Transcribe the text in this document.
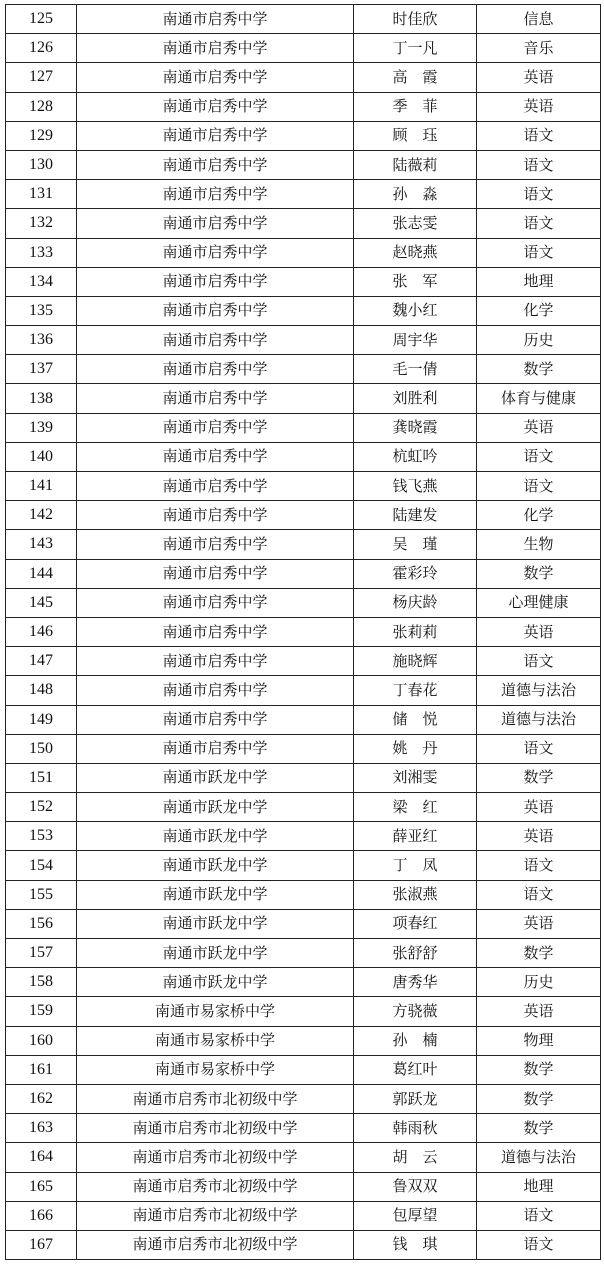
125	南通市启秀中学	时佳欣	信息
126	南通市启秀中学	丁一凡	音乐
127	南通市启秀中学	高　霞	英语
128	南通市启秀中学	季　菲	英语
129	南通市启秀中学	顾　珏	语文
130	南通市启秀中学	陆薇莉	语文
131	南通市启秀中学	孙　淼	语文
132	南通市启秀中学	张志雯	语文
133	南通市启秀中学	赵晓燕	语文
134	南通市启秀中学	张　军	地理
135	南通市启秀中学	魏小红	化学
136	南通市启秀中学	周宇华	历史
137	南通市启秀中学	毛一倩	数学
138	南通市启秀中学	刘胜利	体育与健康
139	南通市启秀中学	龚晓霞	英语
140	南通市启秀中学	杭虹吟	语文
141	南通市启秀中学	钱飞燕	语文
142	南通市启秀中学	陆建发	化学
143	南通市启秀中学	吴　瑾	生物
144	南通市启秀中学	霍彩玲	数学
145	南通市启秀中学	杨庆龄	心理健康
146	南通市启秀中学	张莉莉	英语
147	南通市启秀中学	施晓辉	语文
148	南通市启秀中学	丁春花	道德与法治
149	南通市启秀中学	储　悦	道德与法治
150	南通市启秀中学	姚　丹	语文
151	南通市跃龙中学	刘湘雯	数学
152	南通市跃龙中学	梁　红	英语
153	南通市跃龙中学	薛亚红	英语
154	南通市跃龙中学	丁　凤	语文
155	南通市跃龙中学	张淑燕	语文
156	南通市跃龙中学	项春红	英语
157	南通市跃龙中学	张舒舒	数学
158	南通市跃龙中学	唐秀华	历史
159	南通市易家桥中学	方骁薇	英语
160	南通市易家桥中学	孙　楠	物理
161	南通市易家桥中学	葛红叶	数学
162	南通市启秀市北初级中学	郭跃龙	数学
163	南通市启秀市北初级中学	韩雨秋	数学
164	南通市启秀市北初级中学	胡　云	道德与法治
165	南通市启秀市北初级中学	鲁双双	地理
166	南通市启秀市北初级中学	包厚望	语文
167	南通市启秀市北初级中学	钱　琪	语文
